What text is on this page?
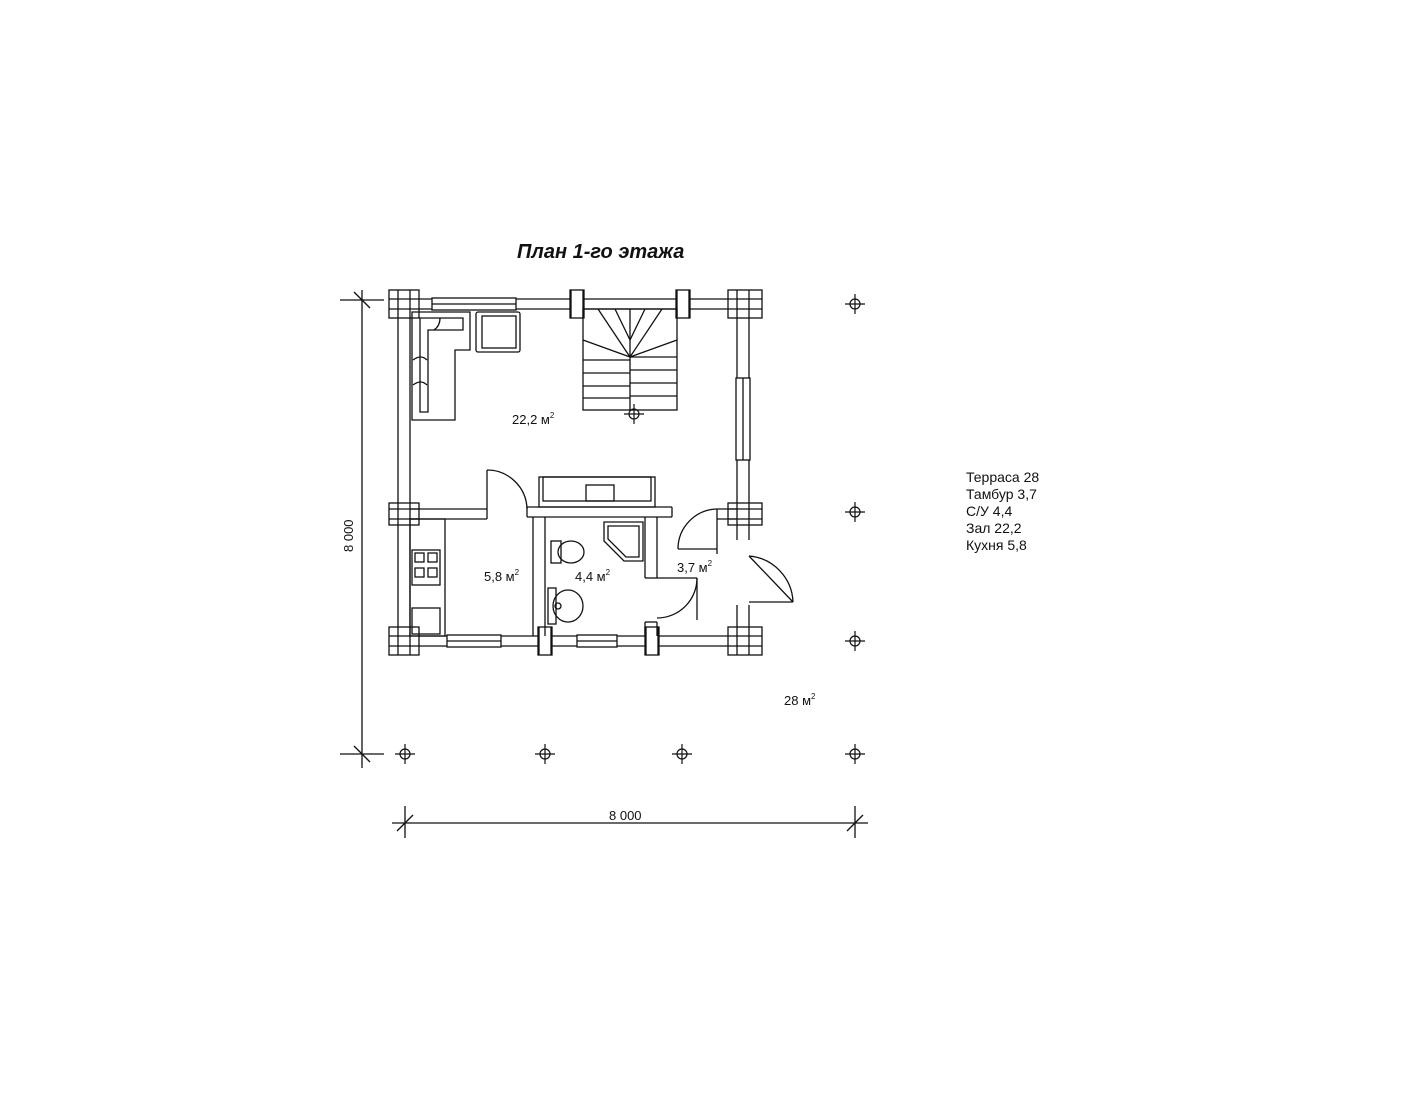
План 1-го этажа
22,2 $м^2$
5,8 $м^2$	4,4 $м^2$	3,7 $м^2$
28 $м^2$
8 000
8 000
Терраса 28
Тамбур 3,7
С/У 4,4
Зал 22,2
Кухня 5,8
